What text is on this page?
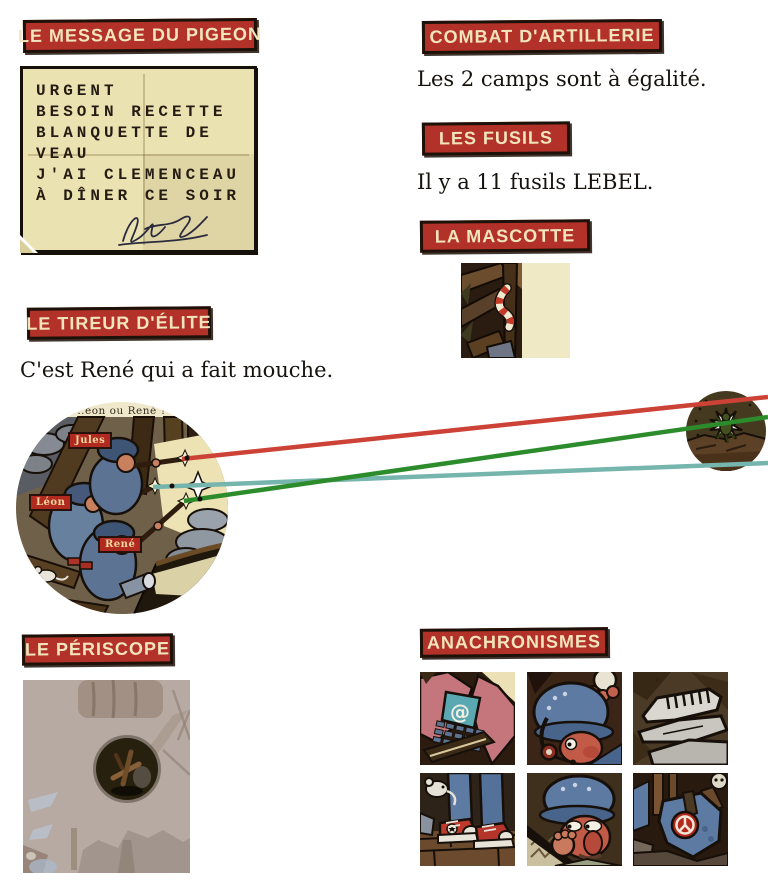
LE MESSAGE DU PIGEON
URGENT
BESOIN RECETTE
BLANQUETTE DE
VEAU
J'AI CLEMENCEAU
À DÎNER CE SOIR
LE TIREUR D'ÉLITE
C'est René qui a fait mouche.
..éon ou René ?
Jules
Léon
René
LE PÉRISCOPE
COMBAT D'ARTILLERIE
Les 2 camps sont à égalité.
LES FUSILS
Il y a 11 fusils LEBEL.
LA MASCOTTE
ANACHRONISMES
@
